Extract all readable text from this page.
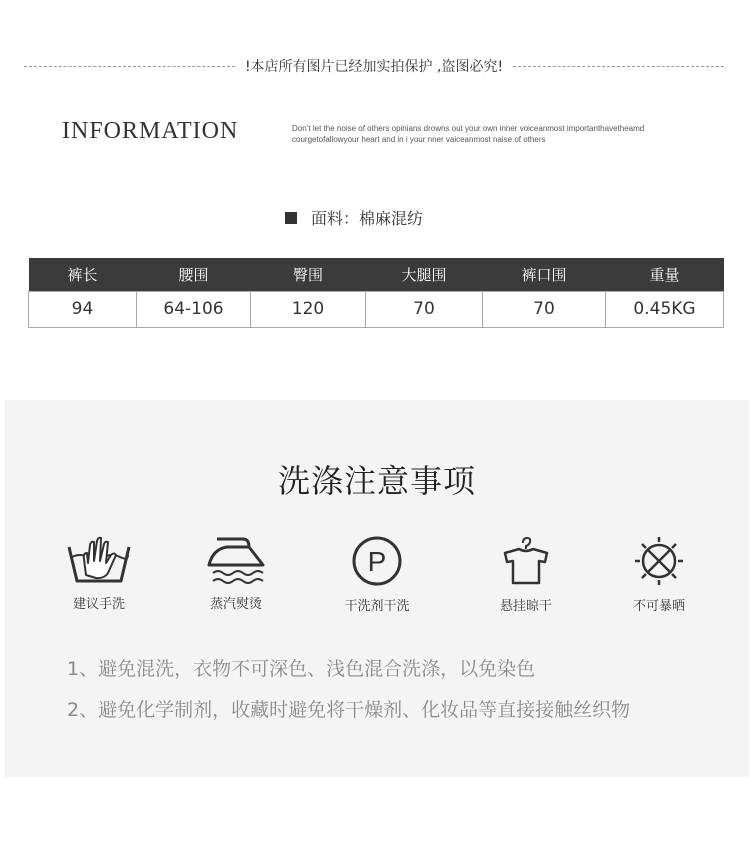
!本店所有图片已经加实拍保护 ,盗图必究!
INFORMATION	Don’t let the noise of others opinians drowns out your own inner voiceanmost importanthavetheamd
courgetofallowyour heart and in i your nner vaiceanmost naise of others
面料：棉麻混纺
裤长	腰围	臀围	大腿围	裤口围	重量
94	64-106	120	70	70	0.45KG
洗涤注意事项
建议手洗	蒸汽熨烫
P
干洗剂干洗	悬挂晾干	不可暴晒
1、避免混洗，衣物不可深色、浅色混合洗涤，以免染色
2、避免化学制剂，收藏时避免将干燥剂、化妆品等直接接触丝织物
